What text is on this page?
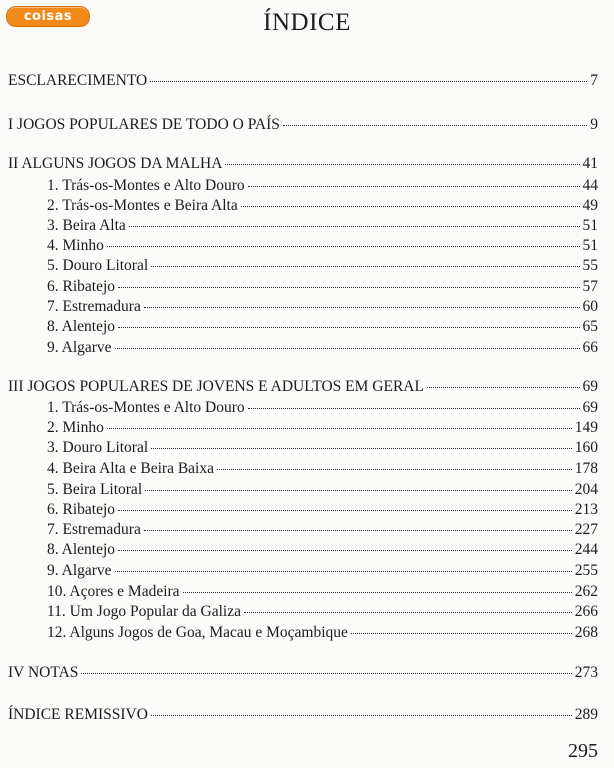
coisas	ÍNDICE
ESCLARECIMENTO	7
I JOGOS POPULARES DE TODO O PAÍS	9
II ALGUNS JOGOS DA MALHA	41
1. Trás-os-Montes e Alto Douro	44
2. Trás-os-Montes e Beira Alta	49
3. Beira Alta	51
4. Minho	51
5. Douro Litoral	55
6. Ribatejo	57
7. Estremadura	60
8. Alentejo	65
9. Algarve	66
III JOGOS POPULARES DE JOVENS E ADULTOS EM GERAL	69
1. Trás-os-Montes e Alto Douro	69
2. Minho	149
3. Douro Litoral	160
4. Beira Alta e Beira Baixa	178
5. Beira Litoral	204
6. Ribatejo	213
7. Estremadura	227
8. Alentejo	244
9. Algarve	255
10. Açores e Madeira	262
11. Um Jogo Popular da Galiza	266
12. Alguns Jogos de Goa, Macau e Moçambique	268
IV NOTAS	273
ÍNDICE REMISSIVO	289
295
